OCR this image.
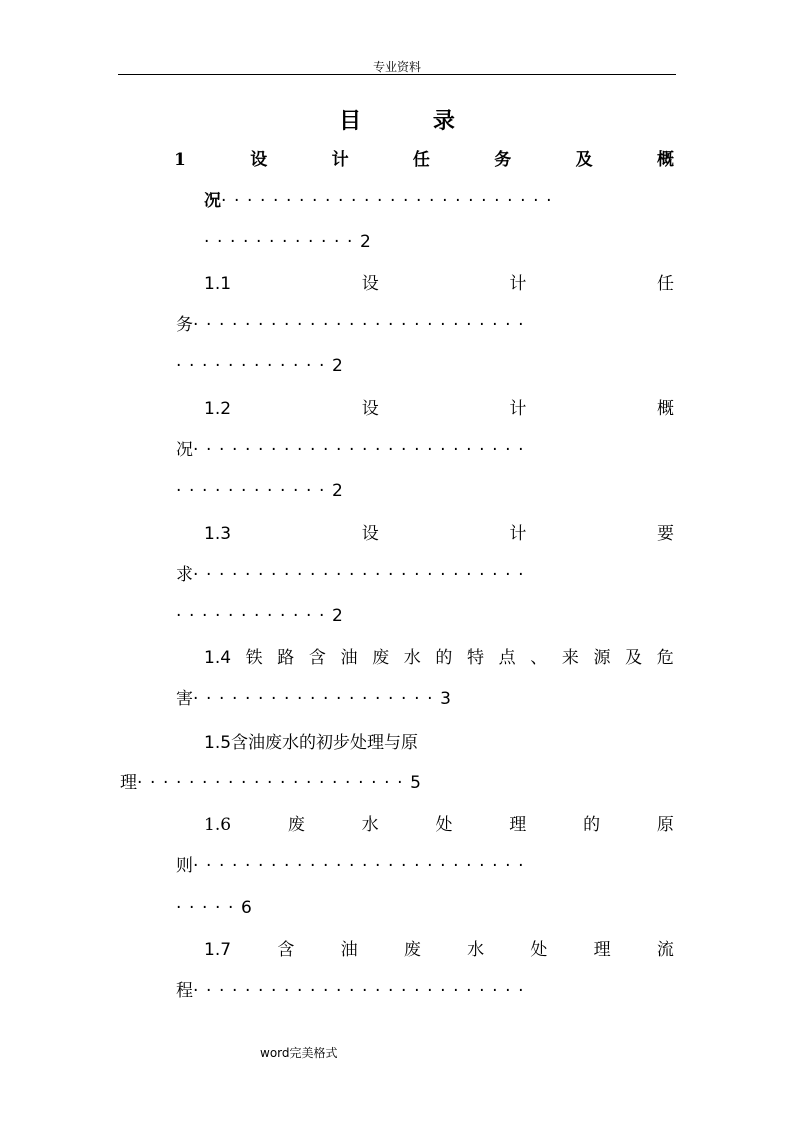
专业资料
目 录
1	设	计	任	务	及	概
况··························
············2
1.1	设	计	任
务··························
············2
1.2	设	计	概
况··························
············2
1.3	设	计	要
求··························
············2
1.4 铁 路 含 油 废 水 的 特 点 、 来 源 及 危
害···················3
1.5含油废水的初步处理与原
理·····················5
1.6	废	水	处	理	的	原
则··························
·····6
1.7	含	油	废	水	处	理	流
程··························
word完美格式
